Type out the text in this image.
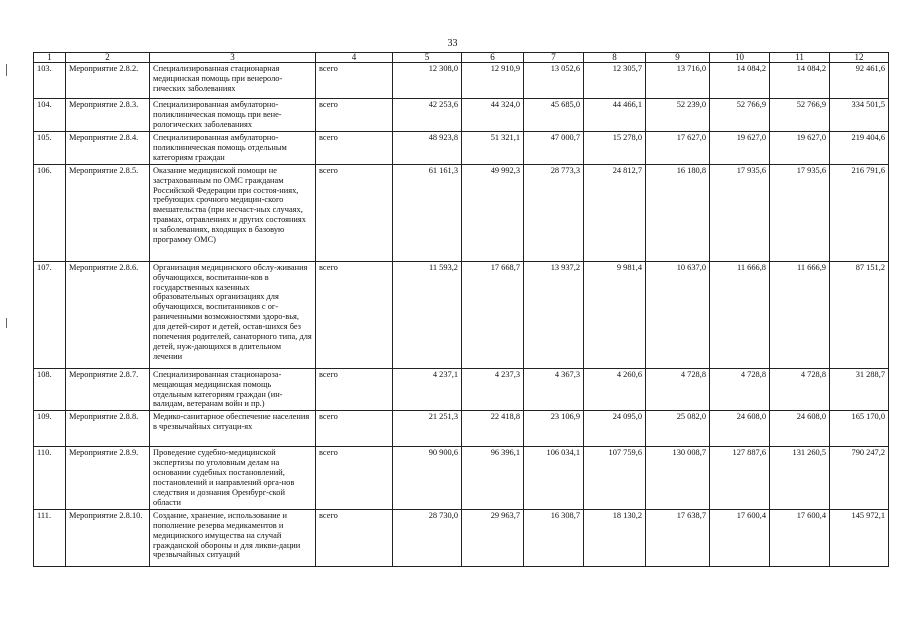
33
1	2	3	4	5	6	7	8	9	10	11	12
103.	Мероприятие 2.8.2.	Специализированная стационарная медицинская помощь при венероло-гических заболеваниях	всего	12 308,0	12 910,9	13 052,6	12 305,7	13 716,0	14 084,2	14 084,2	92 461,6
104.	Мероприятие 2.8.3.	Специализированная амбулаторно-поликлиническая помощь при вене-рологических заболеваниях	всего	42 253,6	44 324,0	45 685,0	44 466,1	52 239,0	52 766,9	52 766,9	334 501,5
105.	Мероприятие 2.8.4.	Специализированная амбулаторно-поликлиническая помощь отдельным категориям граждан	всего	48 923,8	51 321,1	47 000,7	15 278,0	17 627,0	19 627,0	19 627,0	219 404,6
106.	Мероприятие 2.8.5.	Оказание медицинской помощи не застрахованным по ОМС гражданам Российской Федерации при состоя-ниях, требующих срочного медицин-ского вмешательства (при несчаст-ных случаях, травмах, отравлениях и других состояниях и заболеваниях, входящих в базовую программу ОМС)	всего	61 161,3	49 992,3	28 773,3	24 812,7	16 180,8	17 935,6	17 935,6	216 791,6
107.	Мероприятие 2.8.6.	Организация медицинского обслу-живания обучающихся, воспитанни-ков в государственных казенных образовательных организациях для обучающихся, воспитанников с ог-раниченными возможностями здоро-вья, для детей-сирот и детей, остав-шихся без попечения родителей, санаторного типа, для детей, нуж-дающихся в длительном лечении	всего	11 593,2	17 668,7	13 937,2	9 981,4	10 637,0	11 666,8	11 666,9	87 151,2
108.	Мероприятие 2.8.7.	Специализированная стационароза-мещающая медицинская помощь отдельным категориям граждан (ин-валидам, ветеранам войн и пр.)	всего	4 237,1	4 237,3	4 367,3	4 260,6	4 728,8	4 728,8	4 728,8	31 288,7
109.	Мероприятие 2.8.8.	Медико-санитарное обеспечение населения в чрезвычайных ситуаци-ях	всего	21 251,3	22 418,8	23 106,9	24 095,0	25 082,0	24 608,0	24 608,0	165 170,0
110.	Мероприятие 2.8.9.	Проведение судебно-медицинской экспертизы по уголовным делам на основании судебных постановлений, постановлений и направлений орга-нов следствия и дознания Оренбург-ской области	всего	90 900,6	96 396,1	106 034,1	107 759,6	130 008,7	127 887,6	131 260,5	790 247,2
111.	Мероприятие 2.8.10.	Создание, хранение, использование и пополнение резерва медикаментов и медицинского имущества на случай гражданской обороны и для ликви-дации чрезвычайных ситуаций	всего	28 730,0	29 963,7	16 308,7	18 130,2	17 638,7	17 600,4	17 600,4	145 972,1
